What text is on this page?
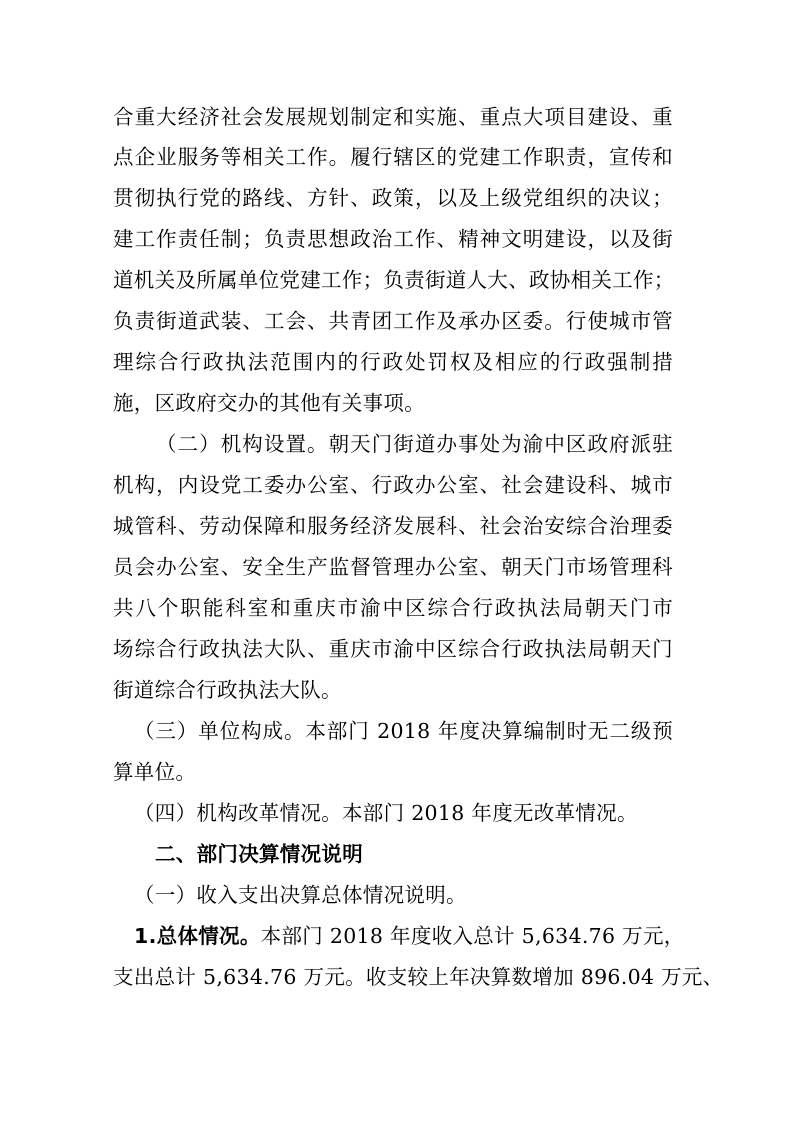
合重大经济社会发展规划制定和实施、重点大项目建设、重
点企业服务等相关工作。履行辖区的党建工作职责，宣传和
贯彻执行党的路线、方针、政策，以及上级党组织的决议；
建工作责任制；负责思想政治工作、精神文明建设，以及街
道机关及所属单位党建工作；负责街道人大、政协相关工作；
负责街道武装、工会、共青团工作及承办区委。行使城市管
理综合行政执法范围内的行政处罚权及相应的行政强制措
施，区政府交办的其他有关事项。
（二）机构设置。朝天门街道办事处为渝中区政府派驻
机构，内设党工委办公室、行政办公室、社会建设科、城市
城管科、劳动保障和服务经济发展科、社会治安综合治理委
员会办公室、安全生产监督管理办公室、朝天门市场管理科
共八个职能科室和重庆市渝中区综合行政执法局朝天门市
场综合行政执法大队、重庆市渝中区综合行政执法局朝天门
街道综合行政执法大队。
（三）单位构成。本部门 2018 年度决算编制时无二级预
算单位。
（四）机构改革情况。本部门 2018 年度无改革情况。
二、部门决算情况说明
（一）收入支出决算总体情况说明。
1.总体情况。本部门 2018 年度收入总计 5,634.76 万元，
支出总计 5,634.76 万元。收支较上年决算数增加 896.04 万元、
